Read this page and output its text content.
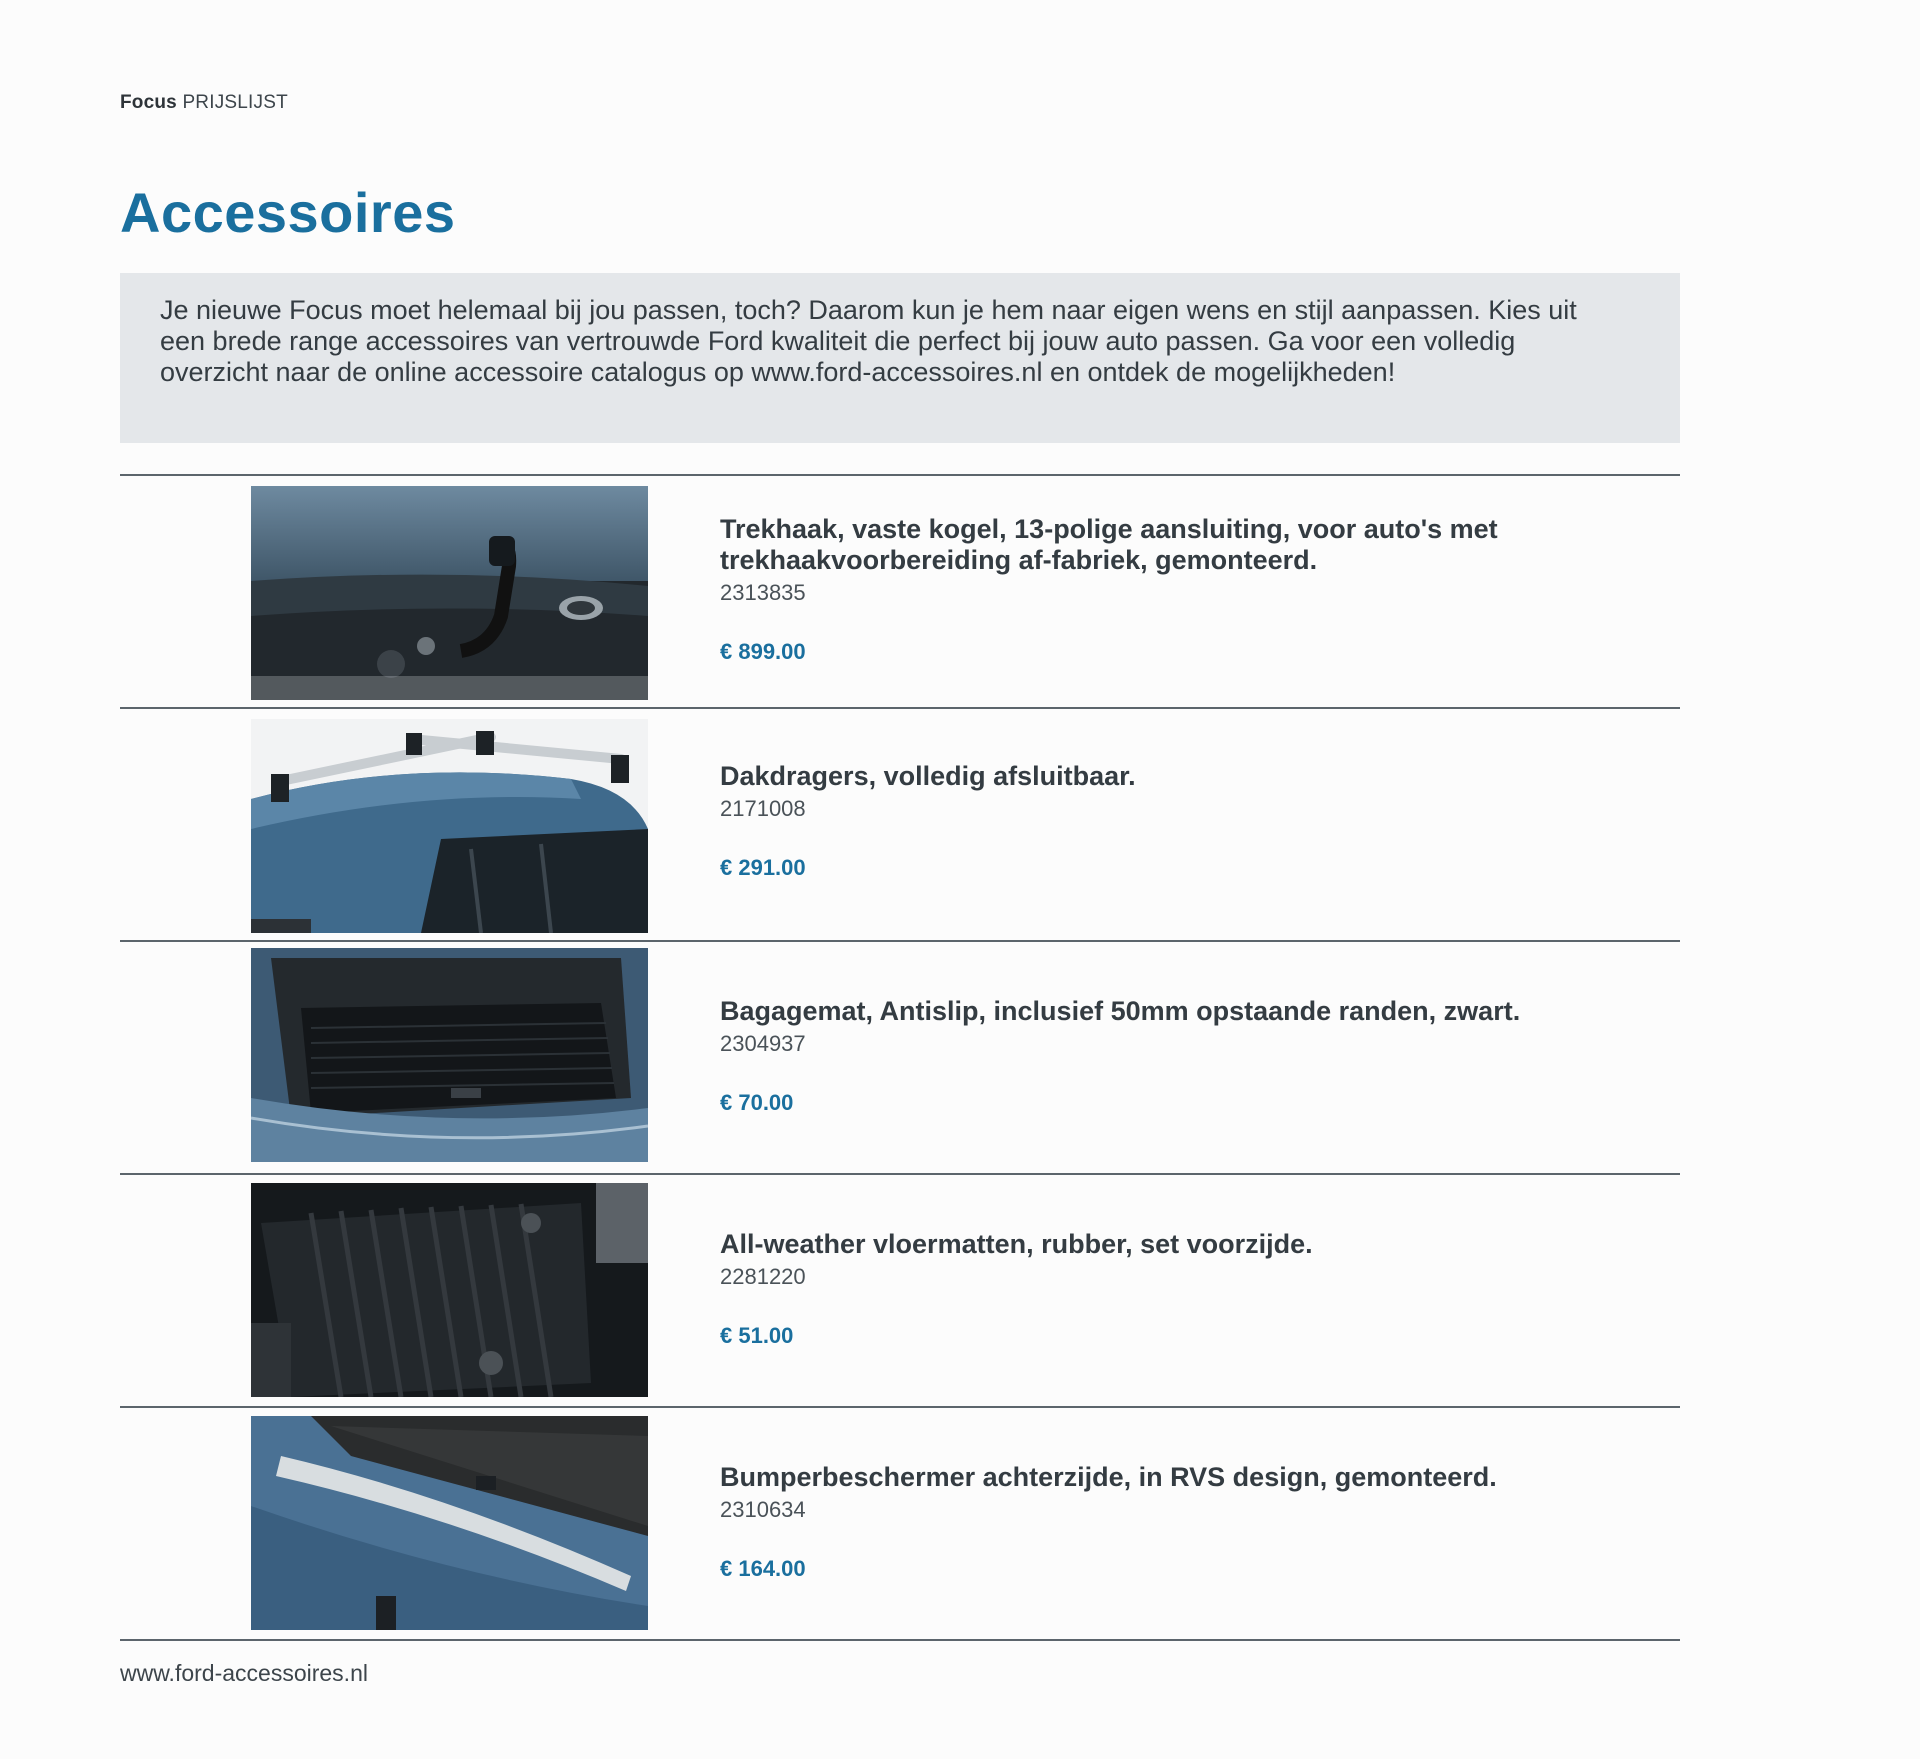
Focus PRIJSLIJST
Accessoires
Je nieuwe Focus moet helemaal bij jou passen, toch? Daarom kun je hem naar eigen wens en stijl aanpassen. Kies uit
een brede range accessoires van vertrouwde Ford kwaliteit die perfect bij jouw auto passen. Ga voor een volledig
overzicht naar de online accessoire catalogus op www.ford-accessoires.nl en ontdek de mogelijkheden!
Trekhaak, vaste kogel, 13-polige aansluiting, voor auto's met
trekhaakvoorbereiding af-fabriek, gemonteerd.
2313835
€ 899.00
Dakdragers, volledig afsluitbaar.
2171008
€ 291.00
Bagagemat, Antislip, inclusief 50mm opstaande randen, zwart.
2304937
€ 70.00
All-weather vloermatten, rubber, set voorzijde.
2281220
€ 51.00
Bumperbeschermer achterzijde, in RVS design, gemonteerd.
2310634
€ 164.00
www.ford-accessoires.nl
